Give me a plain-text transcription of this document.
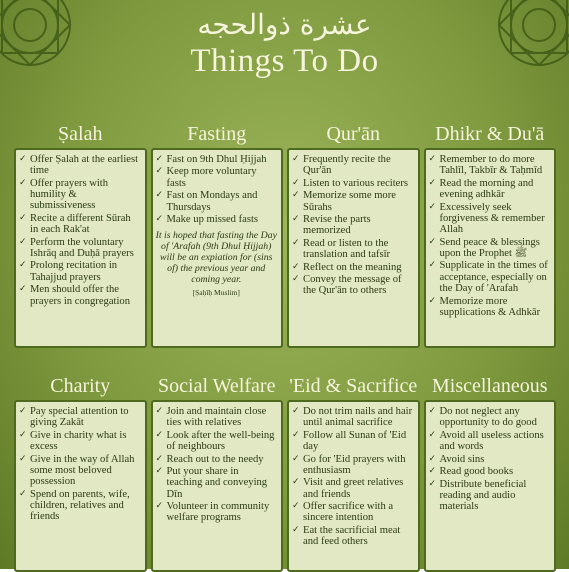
عشرة ذوالحجه
Things To Do
Ṣalah
✓ Offer Ṣalah at the earliest time
✓ Offer prayers with humility & submissiveness
✓ Recite a different Sūrah in each Rak'at
✓ Perform the voluntary Ishrāq and Duḥā prayers
✓ Prolong recitation in Tahajjud prayers
✓ Men should offer the prayers in congregation
Fasting
✓ Fast on 9th Dhul Ḥijjah
✓ Keep more voluntary fasts
✓ Fast on Mondays and Thursdays
✓ Make up missed fasts
It is hoped that fasting the Day of 'Arafah (9th Dhul Ḥijjah) will be an expiation for (sins of) the previous year and coming year.
[Ṣaḥīḥ Muslim]
Qur'ān
✓ Frequently recite the Qur'ān
✓ Listen to various reciters
✓ Memorize some more Sūrahs
✓ Revise the parts memorized
✓ Read or listen to the translation and tafsīr
✓ Reflect on the meaning
✓ Convey the message of the Qur'ān to others
Dhikr & Du'ā
✓ Remember to do more Tahlīl, Takbīr & Taḥmīd
✓ Read the morning and evening adhkār
✓ Excessively seek forgiveness & remember Allah
✓ Send peace & blessings upon the Prophet ﷺ
✓ Supplicate in the times of acceptance, especially on the Day of 'Arafah
✓ Memorize more supplications & Adhkār
Charity
✓ Pay special attention to giving Zakāt
✓ Give in charity what is excess
✓ Give in the way of Allah some most beloved possession
✓ Spend on parents, wife, children, relatives and friends
Social Welfare
✓ Join and maintain close ties with relatives
✓ Look after the well-being of neighbours
✓ Reach out to the needy
✓ Put your share in teaching and conveying Dīn
✓ Volunteer in community welfare programs
'Eid & Sacrifice
✓ Do not trim nails and hair until animal sacrifice
✓ Follow all Sunan of 'Eid day
✓ Go for 'Eid prayers with enthusiasm
✓ Visit and greet relatives and friends
✓ Offer sacrifice with a sincere intention
✓ Eat the sacrificial meat and feed others
Miscellaneous
✓ Do not neglect any opportunity to do good
✓ Avoid all useless actions and words
✓ Avoid sins
✓ Read good books
✓ Distribute beneficial reading and audio materials
